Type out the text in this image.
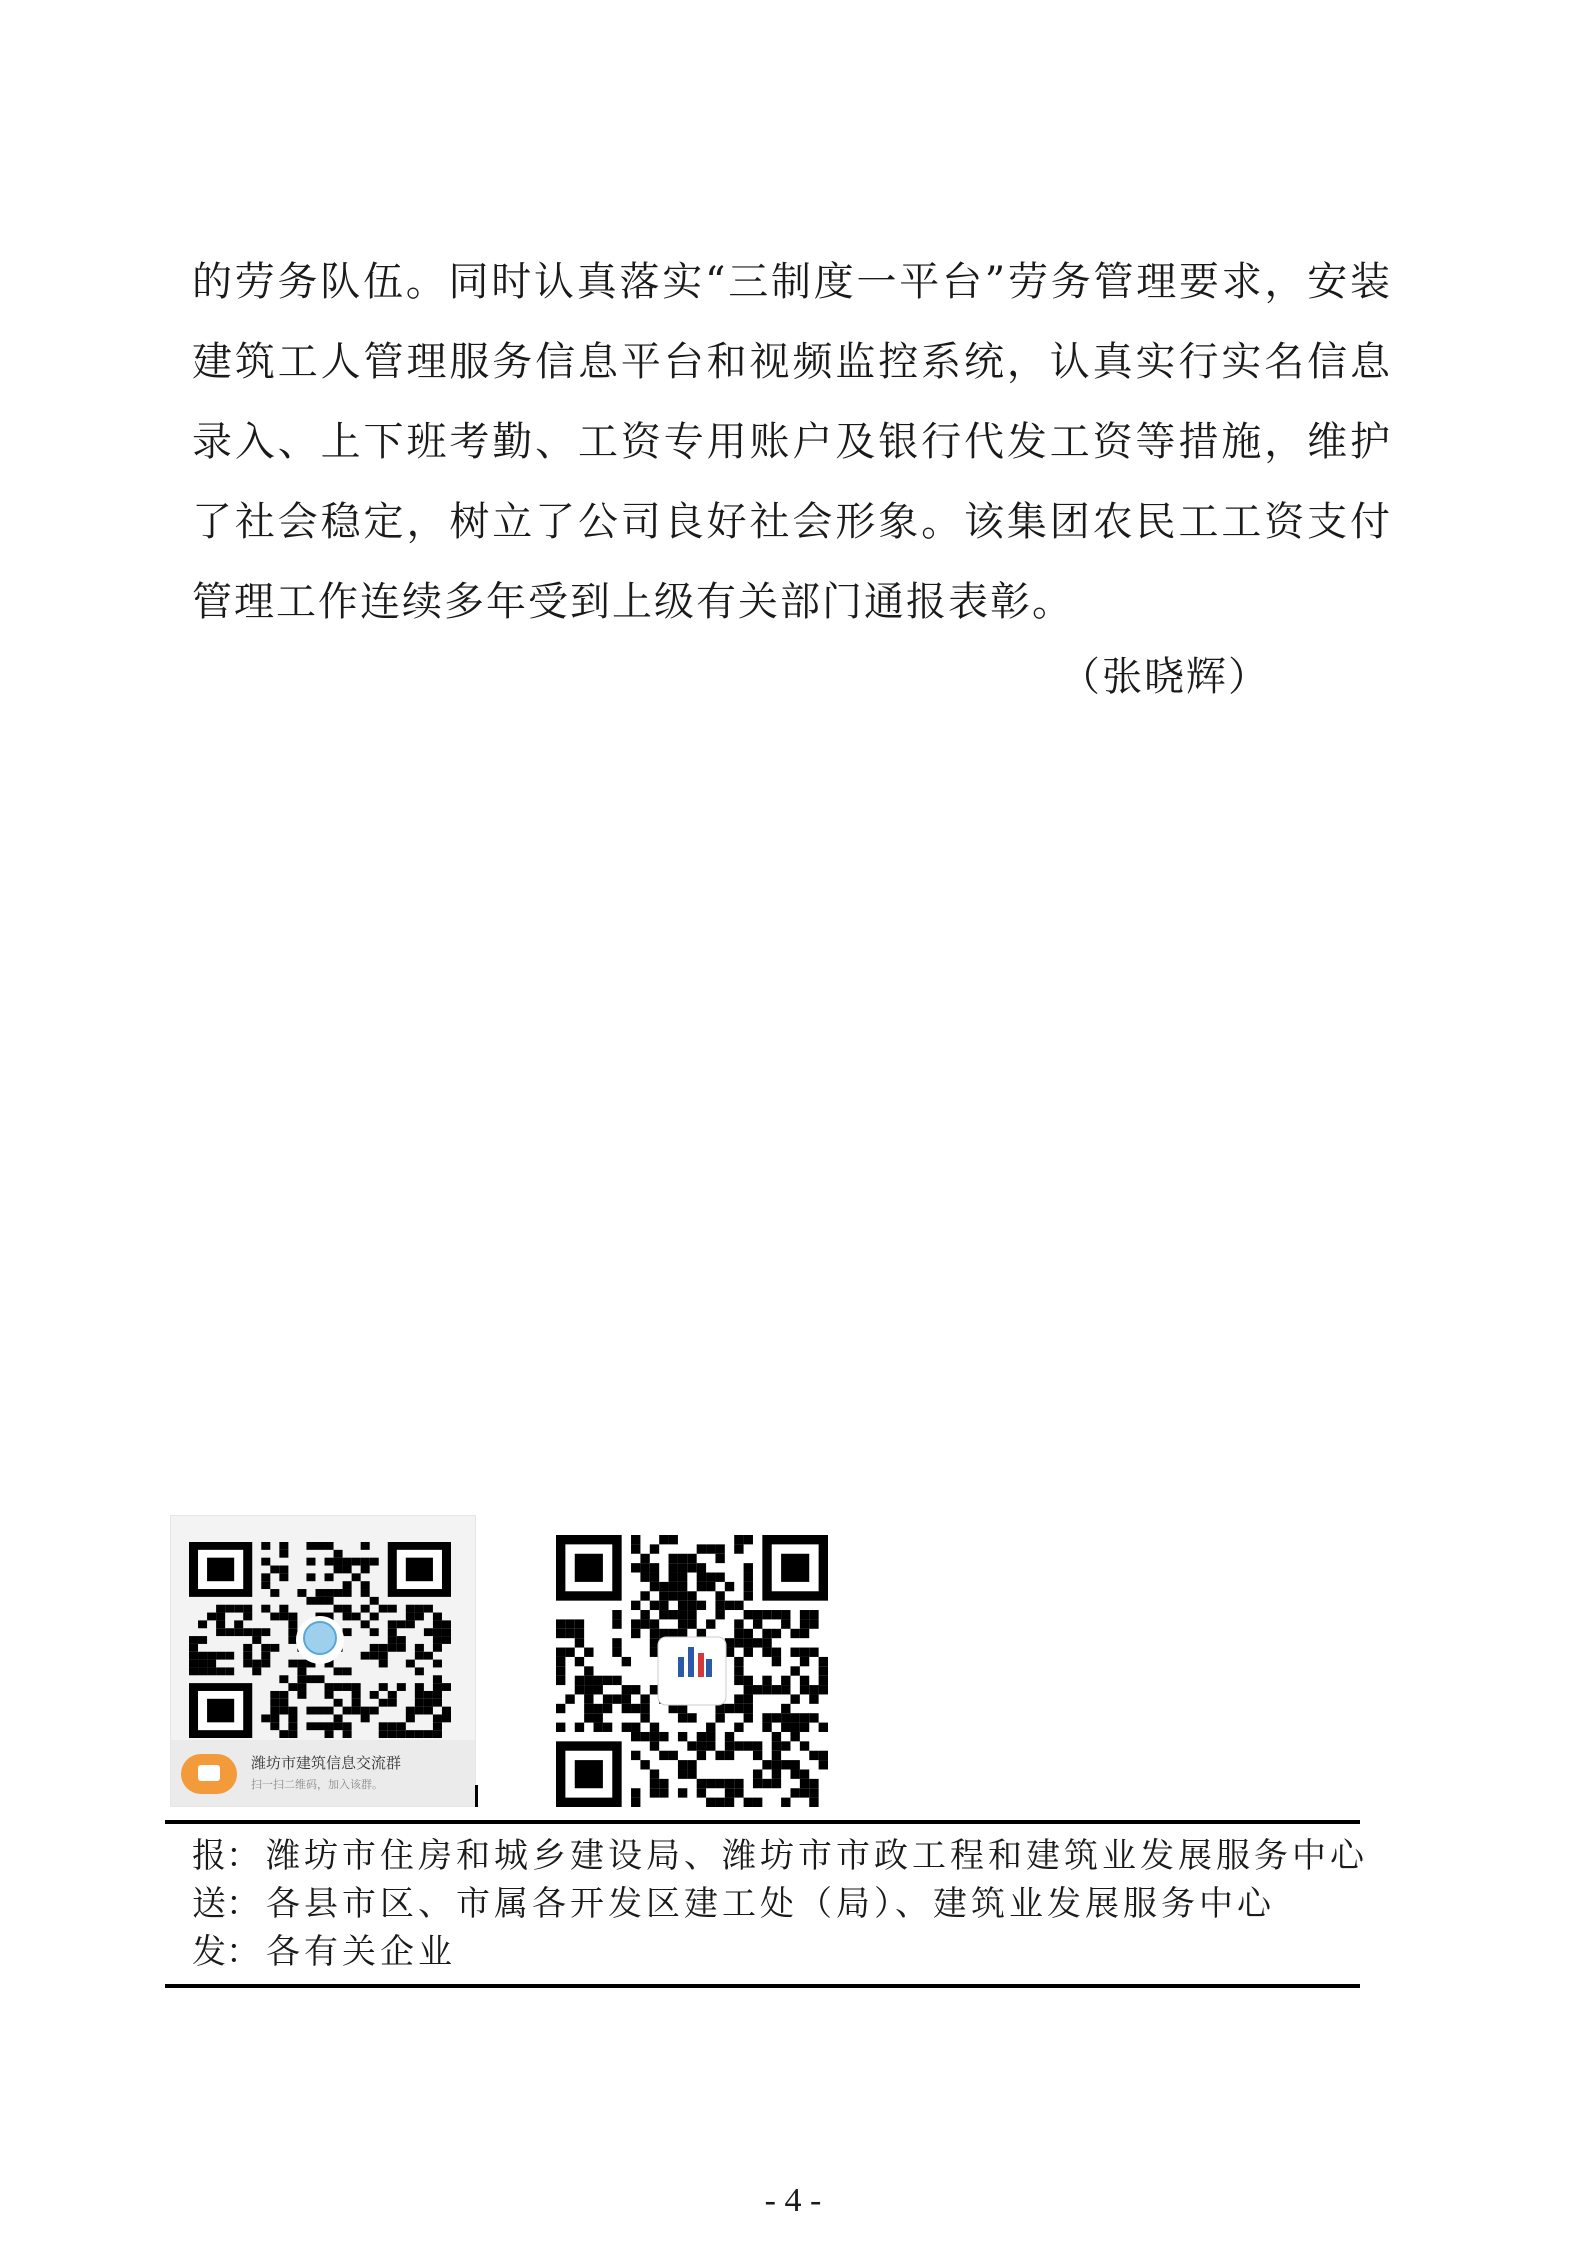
的劳务队伍。同时认真落实“三制度一平台”劳务管理要求，安装
建筑工人管理服务信息平台和视频监控系统，认真实行实名信息
录入、上下班考勤、工资专用账户及银行代发工资等措施，维护
了社会稳定，树立了公司良好社会形象。该集团农民工工资支付
管理工作连续多年受到上级有关部门通报表彰。
（张晓辉）
潍坊市建筑信息交流群
扫一扫二维码，加入该群。
报： 潍坊市住房和城乡建设局、潍坊市市政工程和建筑业发展服务中心
送： 各县市区、市属各开发区建工处（局）、建筑业发展服务中心
发： 各有关企业
- 4 -
